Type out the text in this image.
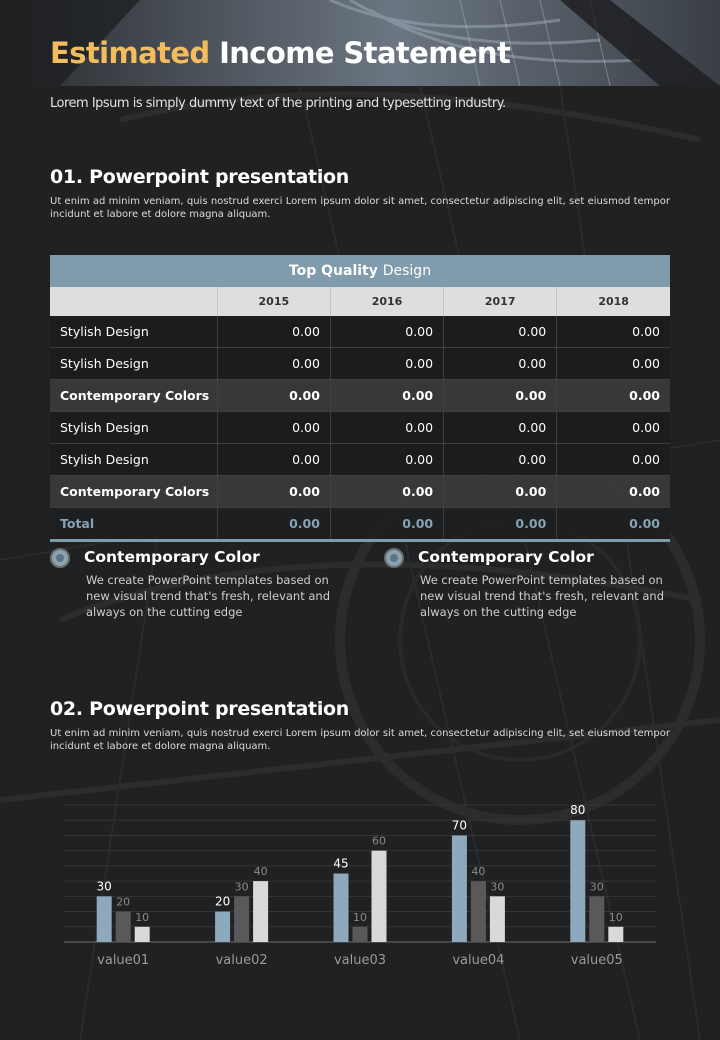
Estimated Income Statement

Lorem Ipsum is simply dummy text of the printing and typesetting industry.

01. Powerpoint presentation

Ut enim ad minim veniam, quis nostrud exerci Lorem ipsum dolor sit amet, consectetur adipiscing elit, set eiusmod tempor incidunt et labore et dolore magna aliquam.

Top Quality Design				
	2015	2016	2017	2018
Stylish Design	0.00	0.00	0.00	0.00
Stylish Design	0.00	0.00	0.00	0.00
Contemporary Colors	0.00	0.00	0.00	0.00
Stylish Design	0.00	0.00	0.00	0.00
Stylish Design	0.00	0.00	0.00	0.00
Contemporary Colors	0.00	0.00	0.00	0.00
Total	0.00	0.00	0.00	0.00
Contemporary Color

We create PowerPoint templates based on new visual trend that's fresh, relevant and always on the cutting edge

Contemporary Color

We create PowerPoint templates based on new visual trend that's fresh, relevant and always on the cutting edge

02. Powerpoint presentation

Ut enim ad minim veniam, quis nostrud exerci Lorem ipsum dolor sit amet, consectetur adipiscing elit, set eiusmod tempor incidunt et labore et dolore magna aliquam.

30
20
10
value01
20
30
40
value02
45
10
60
value03
70
40
30
value04
80
30
10
value05
